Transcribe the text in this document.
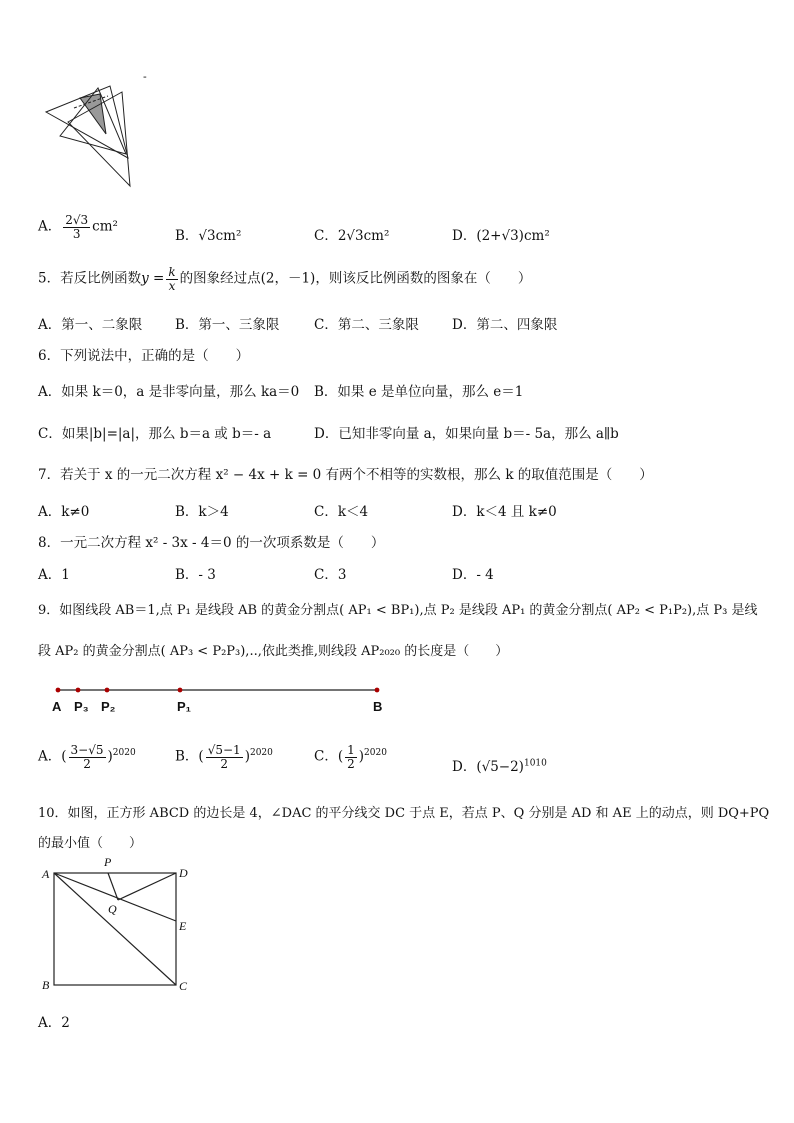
-
A． $\frac{2√3}{3} cm^2$
B．√3cm²	C．2√3cm²	D．(2+√3)cm²
5．若反比例函数$y = \frac{k}{x}$ 的图象经过点(2，－1)，则该反比例函数的图象在（　　）
A．第一、二象限 B．第一、三象限	C．第二、三象限 D．第二、四象限
6．下列说法中，正确的是（　　）
A．如果 k＝0，a 是非零向量，那么 ka＝0 B．如果 e 是单位向量，那么 e＝1
C．如果|b|=|a|，那么 b＝a 或 b＝- a	D．已知非零向量 a，如果向量 b＝- 5a，那么 a∥b
7．若关于 x 的一元二次方程 x² − 4x + k = 0 有两个不相等的实数根，那么 k 的取值范围是（　　）
A．k≠0	B．k＞4	C．k＜4	D．k＜4 且 k≠0
8．一元二次方程 x² - 3x - 4＝0 的一次项系数是（　　）
A．1	B．- 3	C．3	D．- 4
9．如图线段 AB＝1,点 P₁ 是线段 AB 的黄金分割点( AP₁ < BP₁),点 P₂ 是线段 AP₁ 的黄金分割点( AP₂ < P₁P₂),点 P₃ 是线
段 AP₂ 的黄金分割点( AP₃ < P₂P₃),..,依此类推,则线段 AP₂₀₂₀ 的长度是（　　）
A P₃ P₂	P₁	B
A．( $\frac{3-√5}{2} )^{2020}$	B．( $\frac{√5-1}{2} )^{2020}$	C．( $\frac{1}{2} )^{2020}$
D．$(√5-2)^{1010}$
10．如图，正方形 ABCD 的边长是 4，∠DAC 的平分线交 DC 于点 E，若点 P、Q 分别是 AD 和 AE 上的动点，则 DQ+PQ
的最小值（　　）
A
P
D
Q
E
B	C
A．2
